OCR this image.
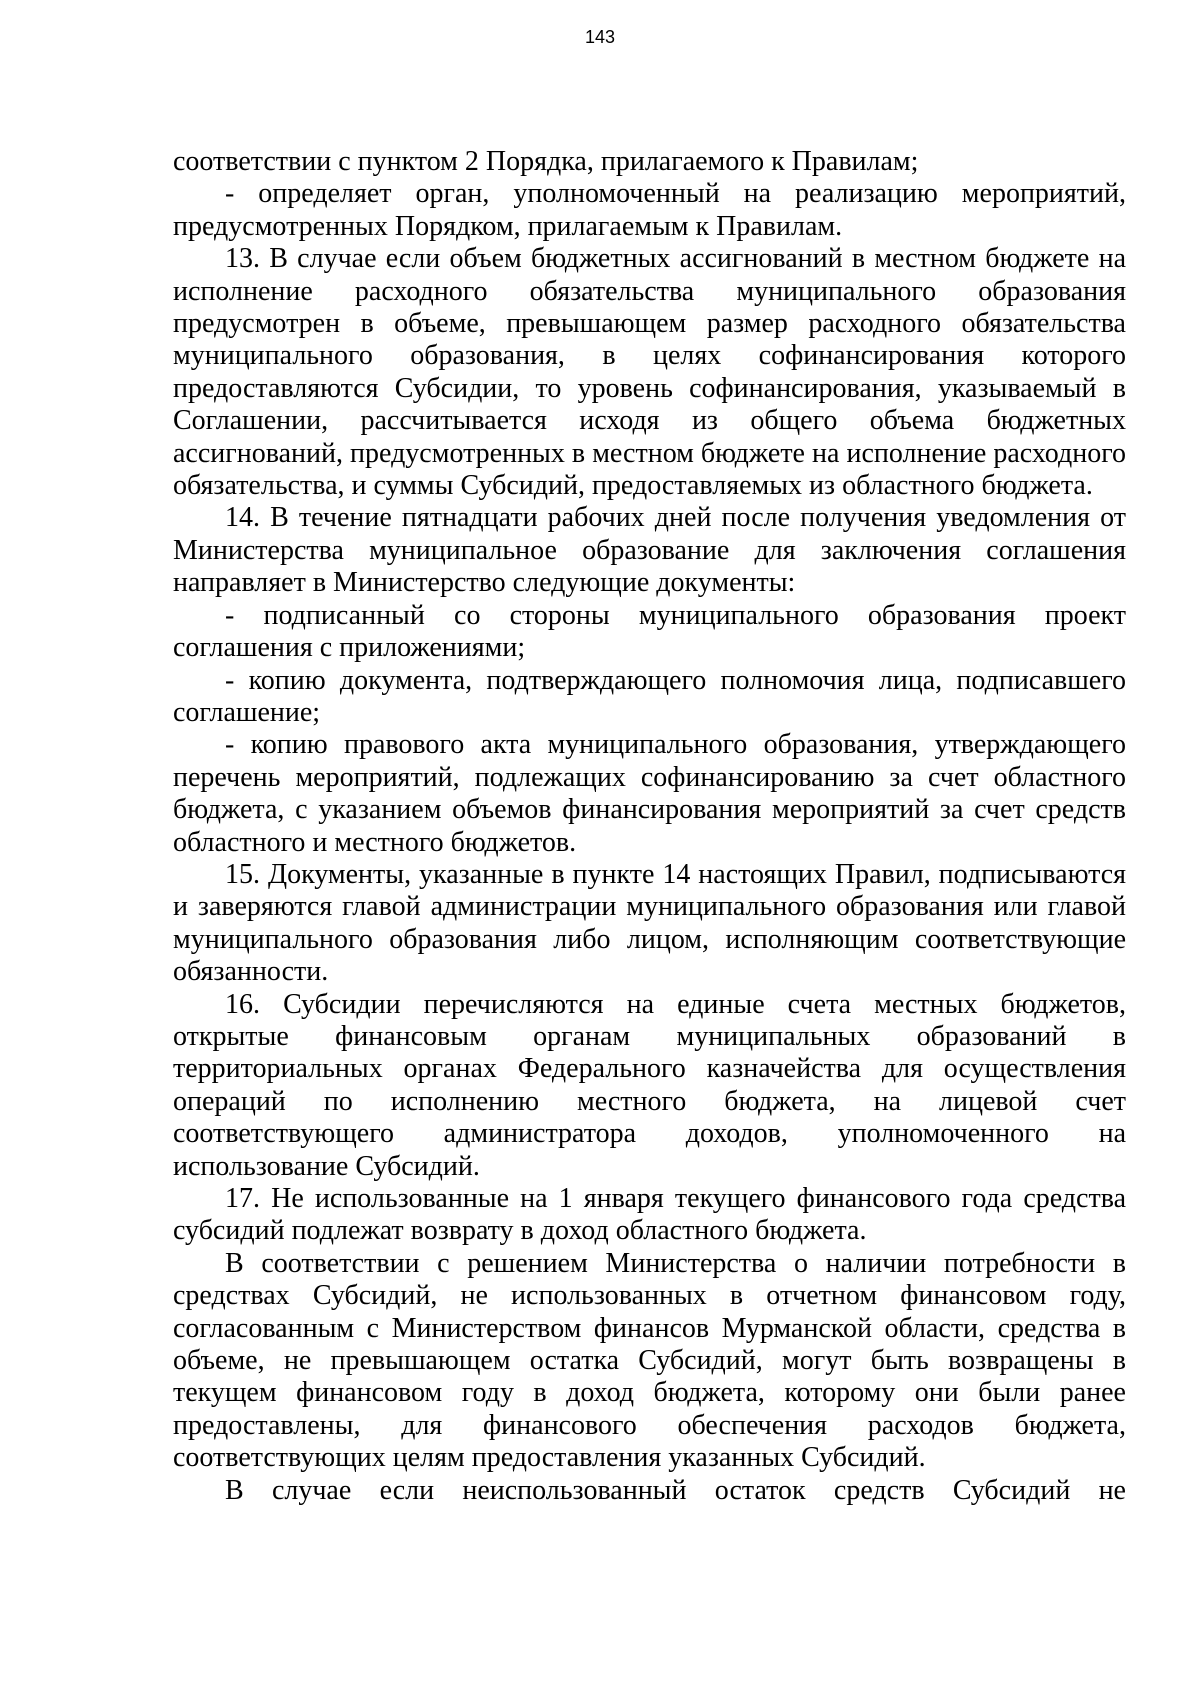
143

соответствии с пунктом 2 Порядка, прилагаемого к Правилам;

- определяет орган, уполномоченный на реализацию мероприятий, предусмотренных Порядком, прилагаемым к Правилам.

13. В случае если объем бюджетных ассигнований в местном бюджете на исполнение расходного обязательства муниципального образования предусмотрен в объеме, превышающем размер расходного обязательства муниципального образования, в целях софинансирования которого предоставляются Субсидии, то уровень софинансирования, указываемый в Соглашении, рассчитывается исходя из общего объема бюджетных ассигнований, предусмотренных в местном бюджете на исполнение расходного обязательства, и суммы Субсидий, предоставляемых из областного бюджета.

14. В течение пятнадцати рабочих дней после получения уведомления от Министерства муниципальное образование для заключения соглашения направляет в Министерство следующие документы:

- подписанный со стороны муниципального образования проект соглашения с приложениями;

- копию документа, подтверждающего полномочия лица, подписавшего соглашение;

- копию правового акта муниципального образования, утверждающего перечень мероприятий, подлежащих софинансированию за счет областного бюджета, с указанием объемов финансирования мероприятий за счет средств областного и местного бюджетов.

15. Документы, указанные в пункте 14 настоящих Правил, подписываются и заверяются главой администрации муниципального образования или главой муниципального образования либо лицом, исполняющим соответствующие обязанности.

16. Субсидии перечисляются на единые счета местных бюджетов, открытые финансовым органам муниципальных образований в территориальных органах Федерального казначейства для осуществления операций по исполнению местного бюджета, на лицевой счет соответствующего администратора доходов, уполномоченного на использование Субсидий.

17. Не использованные на 1 января текущего финансового года средства субсидий подлежат возврату в доход областного бюджета.

В соответствии с решением Министерства о наличии потребности в средствах Субсидий, не использованных в отчетном финансовом году, согласованным с Министерством финансов Мурманской области, средства в объеме, не превышающем остатка Субсидий, могут быть возвращены в текущем финансовом году в доход бюджета, которому они были ранее предоставлены, для финансового обеспечения расходов бюджета, соответствующих целям предоставления указанных Субсидий.

В случае если неиспользованный остаток средств Субсидий не
